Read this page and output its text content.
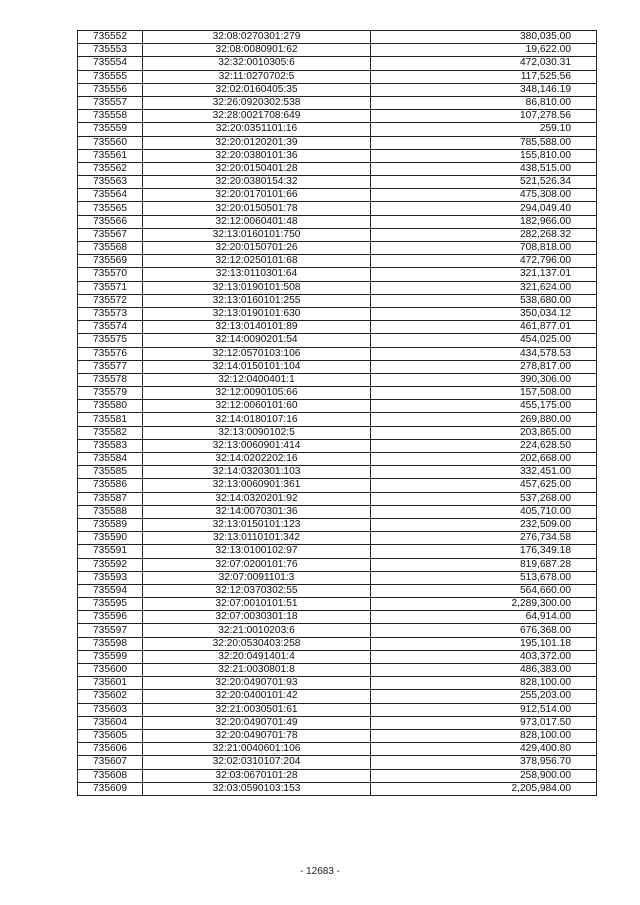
735552	32:08:0270301:279	380,035.00
735553	32:08:0080901:62	19,622.00
735554	32:32:0010305:6	472,030.31
735555	32:11:0270702:5	117,525.56
735556	32:02:0160405:35	348,146.19
735557	32:26:0920302:538	86,810.00
735558	32:28:0021708:649	107,278.56
735559	32:20:0351101:16	259.10
735560	32:20:0120201:39	785,588.00
735561	32:20:0380101:36	155,810.00
735562	32:20:0150401:28	438,515.00
735563	32:20:0380154:32	521,526.34
735564	32:20:0170101:66	475,308.00
735565	32:20:0150501:78	294,049.40
735566	32:12:0060401:48	182,966.00
735567	32:13:0160101:750	282,268.32
735568	32:20:0150701:26	708,818.00
735569	32:12:0250101:68	472,796.00
735570	32:13:0110301:64	321,137.01
735571	32:13:0190101:508	321,624.00
735572	32:13:0160101:255	538,680.00
735573	32:13:0190101:630	350,034.12
735574	32:13:0140101:89	461,877.01
735575	32:14:0090201:54	454,025.00
735576	32:12:0570103:106	434,578.53
735577	32:14:0150101:104	278,817.00
735578	32:12:0400401:1	390,306.00
735579	32:12:0090105:66	157,508.00
735580	32:12:0060101:60	455,175.00
735581	32:14:0180107:16	269,880.00
735582	32:13:0090102:5	203,865.00
735583	32:13:0060901:414	224,628.50
735584	32:14:0202202:16	202,668.00
735585	32:14:0320301:103	332,451.00
735586	32:13:0060901:361	457,625.00
735587	32:14:0320201:92	537,268.00
735588	32:14:0070301:36	405,710.00
735589	32:13:0150101:123	232,509.00
735590	32:13:0110101:342	276,734.58
735591	32:13:0100102:97	176,349.18
735592	32:07:0200101:76	819,687.28
735593	32:07:0091101:3	513,678.00
735594	32:12:0370302:55	564,660.00
735595	32:07:0010101:51	2,289,300.00
735596	32:07:0030301:18	64,914.00
735597	32:21:0010203:6	676,368.00
735598	32:20:0530403:258	195,101.18
735599	32:20:0491401:4	403,372.00
735600	32:21:0030801:8	486,383.00
735601	32:20:0490701:93	828,100.00
735602	32:20:0400101:42	255,203.00
735603	32:21:0030501:61	912,514.00
735604	32:20:0490701:49	973,017.50
735605	32:20:0490701:78	828,100.00
735606	32:21:0040601:106	429,400.80
735607	32:02:0310107:204	378,956.70
735608	32:03:0670101:28	258,900.00
735609	32:03:0590103:153	2,205,984.00
- 12683 -
